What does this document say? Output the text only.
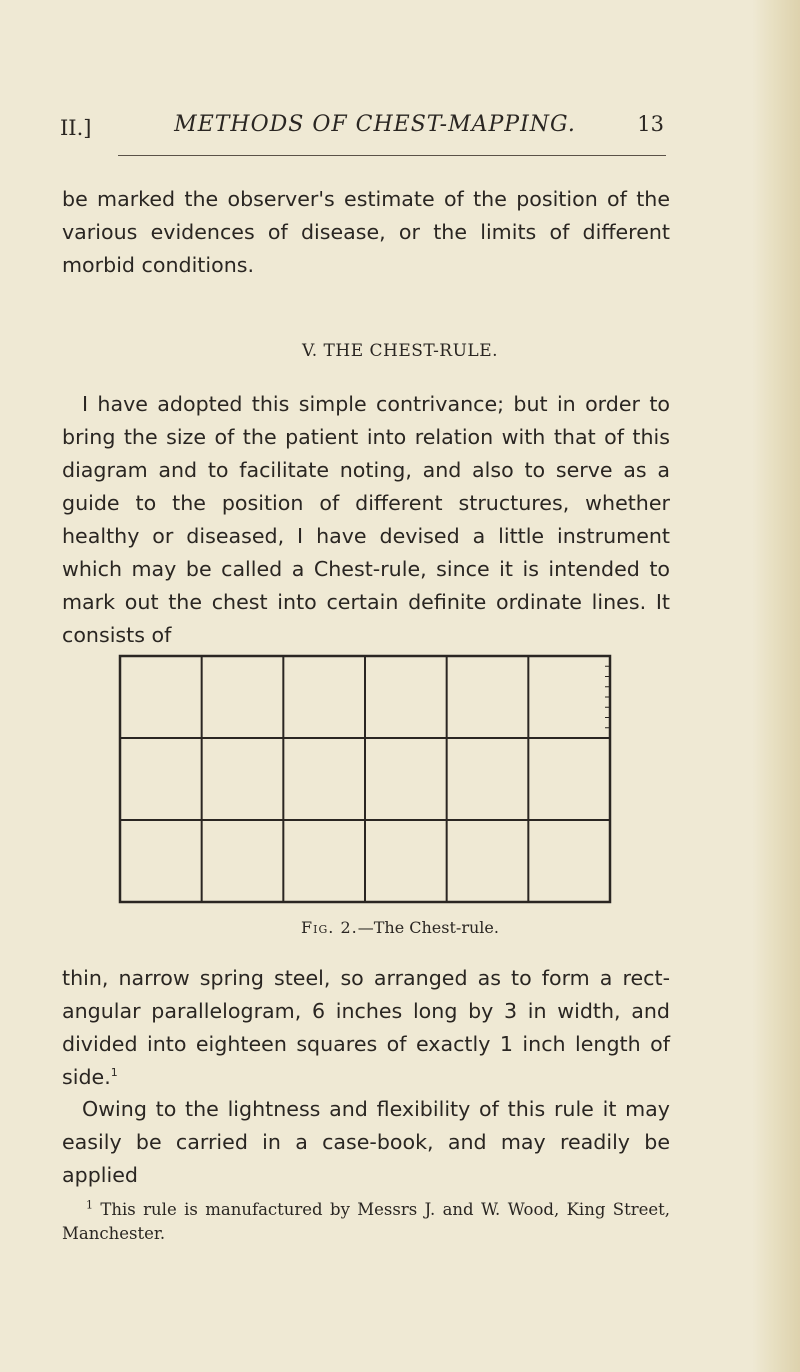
II.]	METHODS OF CHEST-MAPPING.	13

be marked the observer's estimate of the position of the various evidences of disease, or the limits of different morbid conditions.

V. THE CHEST-RULE.

I have adopted this simple contrivance; but in order to bring the size of the patient into relation with that of this diagram and to facilitate noting, and also to serve as a guide to the position of different structures, whether healthy or diseased, I have devised a little instrument which may be called a Chest-rule, since it is intended to mark out the chest into certain definite ordinate lines. It consists of

Fig. 2.—The Chest-rule.

thin, narrow spring steel, so arranged as to form a rect-angular parallelogram, 6 inches long by 3 in width, and divided into eighteen squares of exactly 1 inch length of side.$^1$

Owing to the lightness and flexibility of this rule it may easily be carried in a case-book, and may readily be applied

$^1$ This rule is manufactured by Messrs J. and W. Wood, King Street, Manchester.
